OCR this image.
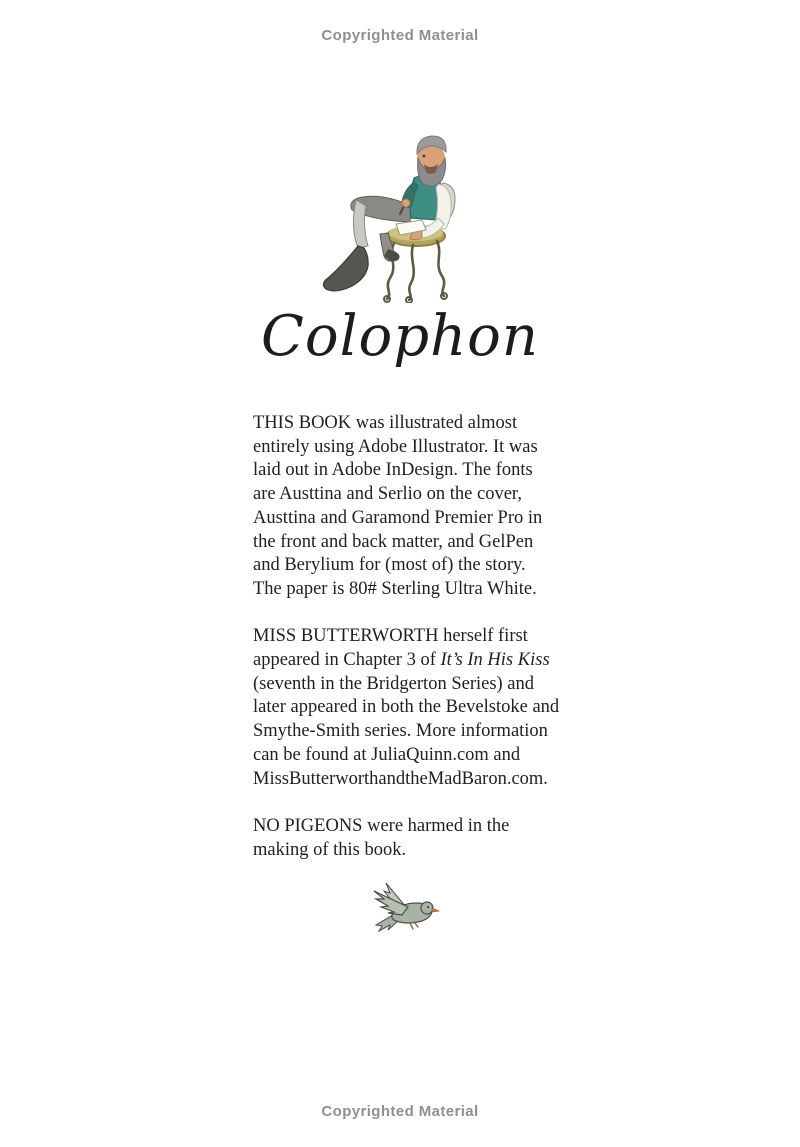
Copyrighted Material
Colophon
THIS BOOK was illustrated almost
entirely using Adobe Illustrator. It was
laid out in Adobe InDesign. The fonts
are Austtina and Serlio on the cover,
Austtina and Garamond Premier Pro in
the front and back matter, and GelPen
and Berylium for (most of) the story.
The paper is 80# Sterling Ultra White.
MISS BUTTERWORTH herself first
appeared in Chapter 3 of It’s In His Kiss
(seventh in the Bridgerton Series) and
later appeared in both the Bevelstoke and
Smythe-Smith series. More information
can be found at JuliaQuinn.com and
MissButterworthandtheMadBaron.com.
NO PIGEONS were harmed in the
making of this book.
Copyrighted Material
